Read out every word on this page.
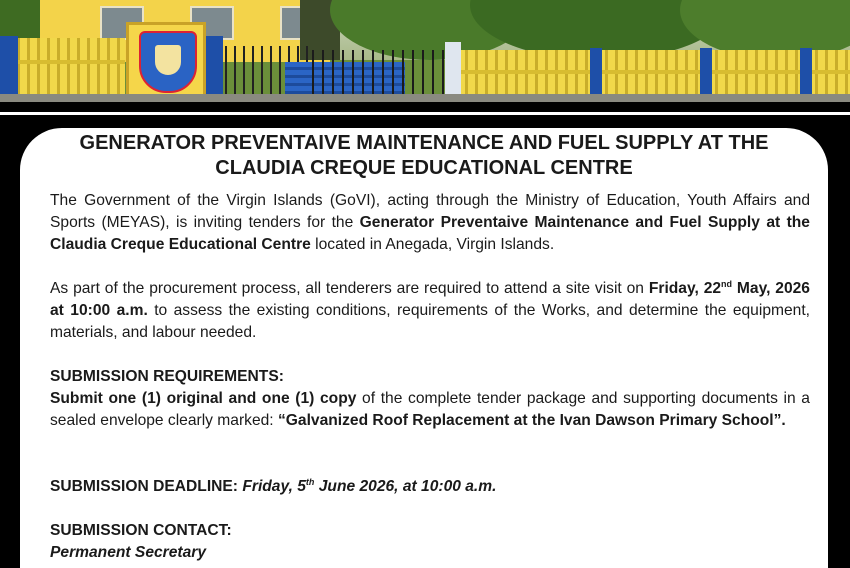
GENERATOR PREVENTAIVE MAINTENANCE AND FUEL SUPPLY AT THE
CLAUDIA CREQUE EDUCATIONAL CENTRE

The Government of the Virgin Islands (GoVI), acting through the Ministry of Education, Youth Affairs and Sports (MEYAS), is inviting tenders for the Generator Preventaive Maintenance and Fuel Supply at the Claudia Creque Educational Centre located in Anegada, Virgin Islands.

As part of the procurement process, all tenderers are required to attend a site visit on Friday, 22nd May, 2026 at 10:00 a.m. to assess the existing conditions, requirements of the Works, and determine the equipment, materials, and labour needed.

SUBMISSION REQUIREMENTS:
Submit one (1) original and one (1) copy of the complete tender package and supporting documents in a sealed envelope clearly marked: “Galvanized Roof Replacement at the Ivan Dawson Primary School”.

SUBMISSION DEADLINE: Friday, 5th June 2026, at 10:00 a.m.

SUBMISSION CONTACT:
Permanent Secretary
